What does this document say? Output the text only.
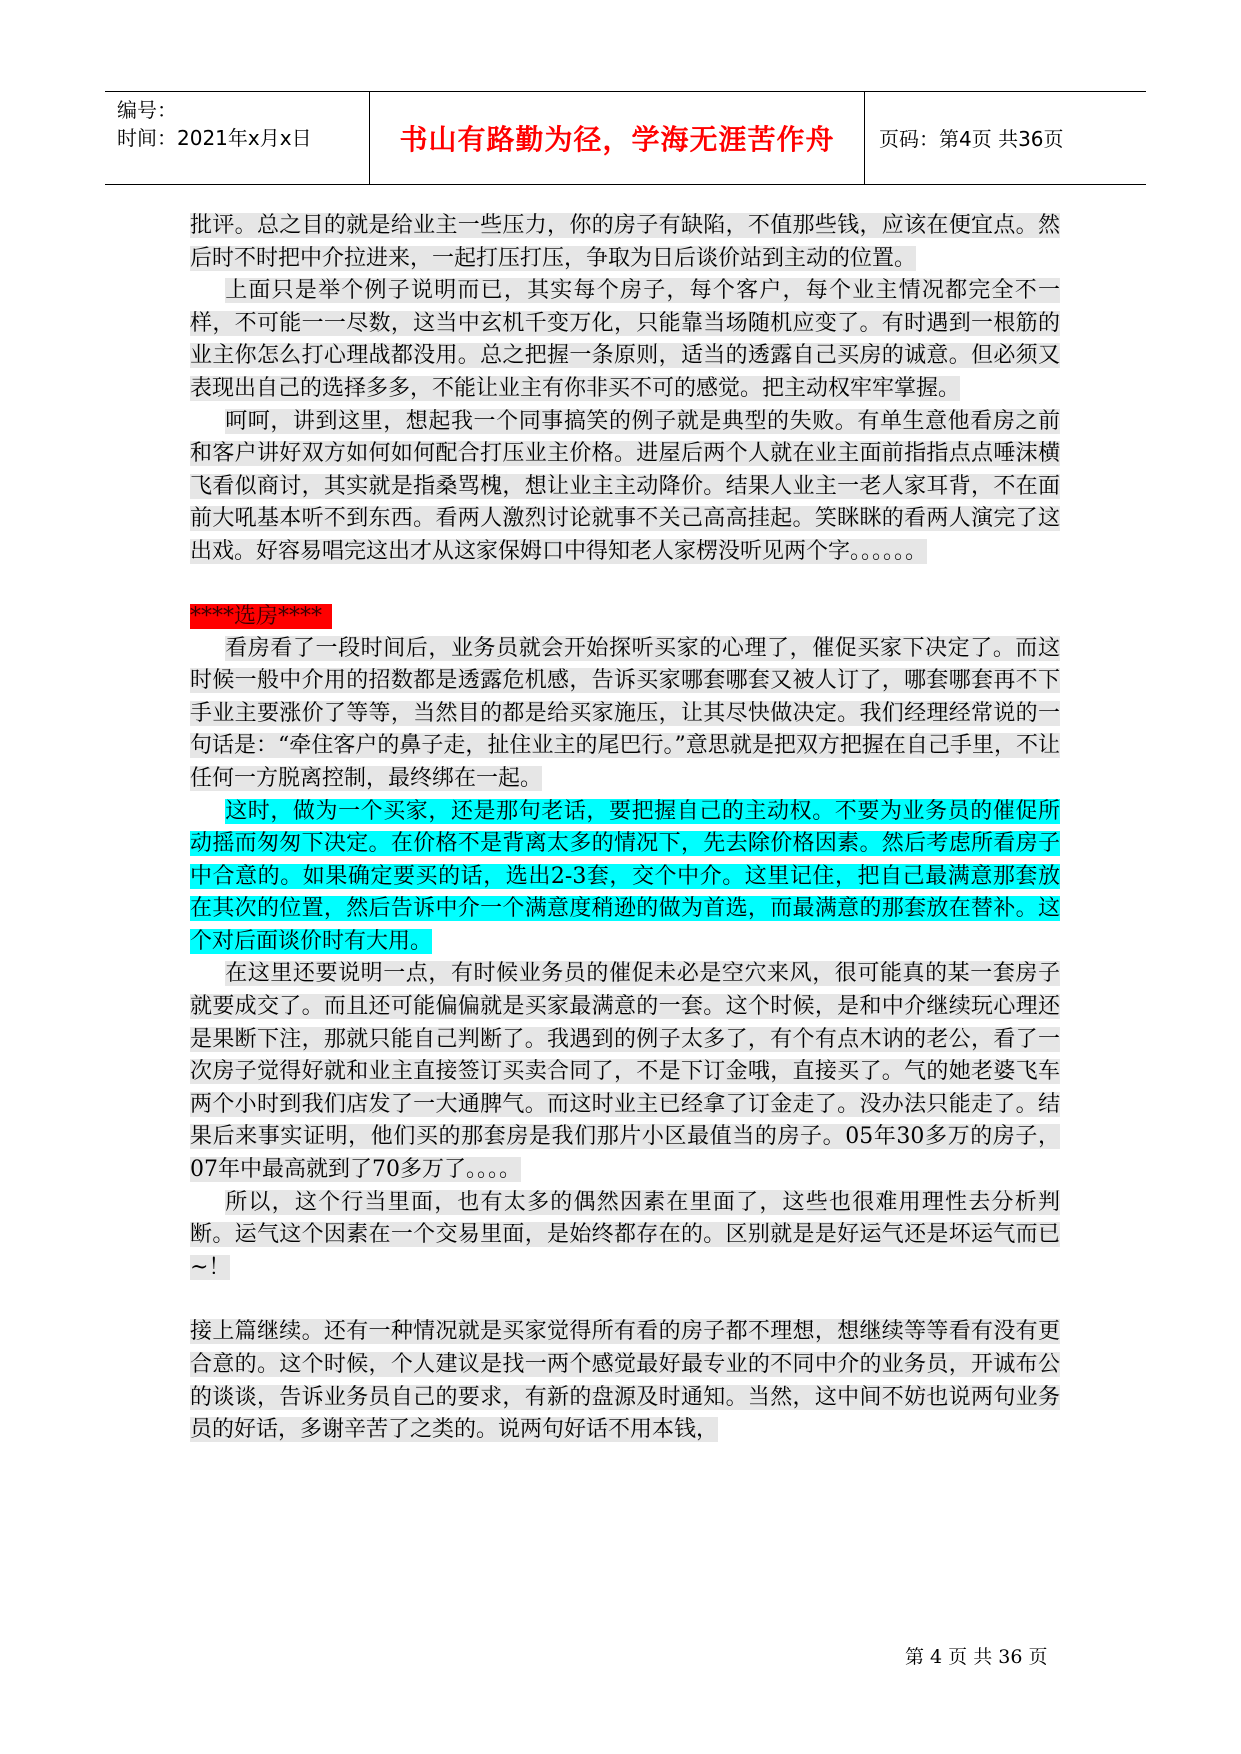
编号：
时间：2021年x月x日	书山有路勤为径，学海无涯苦作舟	页码：第4页 共36页

批评。总之目的就是给业主一些压力，你的房子有缺陷，不值那些钱，应该在便宜点。然后时不时把中介拉进来，一起打压打压，争取为日后谈价站到主动的位置。

上面只是举个例子说明而已，其实每个房子，每个客户，每个业主情况都完全不一样，不可能一一尽数，这当中玄机千变万化，只能靠当场随机应变了。有时遇到一根筋的业主你怎么打心理战都没用。总之把握一条原则，适当的透露自己买房的诚意。但必须又表现出自己的选择多多，不能让业主有你非买不可的感觉。把主动权牢牢掌握。

呵呵，讲到这里，想起我一个同事搞笑的例子就是典型的失败。有单生意他看房之前和客户讲好双方如何如何配合打压业主价格。进屋后两个人就在业主面前指指点点唾沫横飞看似商讨，其实就是指桑骂槐，想让业主主动降价。结果人业主一老人家耳背，不在面前大吼基本听不到东西。看两人激烈讨论就事不关己高高挂起。笑眯眯的看两人演完了这出戏。好容易唱完这出才从这家保姆口中得知老人家楞没听见两个字。。。。。。

****选房****

看房看了一段时间后，业务员就会开始探听买家的心理了，催促买家下决定了。而这时候一般中介用的招数都是透露危机感，告诉买家哪套哪套又被人订了，哪套哪套再不下手业主要涨价了等等，当然目的都是给买家施压，让其尽快做决定。我们经理经常说的一句话是：“牵住客户的鼻子走，扯住业主的尾巴行。”意思就是把双方把握在自己手里，不让任何一方脱离控制，最终绑在一起。

这时，做为一个买家，还是那句老话，要把握自己的主动权。不要为业务员的催促所动摇而匆匆下决定。在价格不是背离太多的情况下，先去除价格因素。然后考虑所看房子中合意的。如果确定要买的话，选出2-3套，交个中介。这里记住，把自己最满意那套放在其次的位置，然后告诉中介一个满意度稍逊的做为首选，而最满意的那套放在替补。这个对后面谈价时有大用。

在这里还要说明一点，有时候业务员的催促未必是空穴来风，很可能真的某一套房子就要成交了。而且还可能偏偏就是买家最满意的一套。这个时候，是和中介继续玩心理还是果断下注，那就只能自己判断了。我遇到的例子太多了，有个有点木讷的老公，看了一次房子觉得好就和业主直接签订买卖合同了，不是下订金哦，直接买了。气的她老婆飞车两个小时到我们店发了一大通脾气。而这时业主已经拿了订金走了。没办法只能走了。结果后来事实证明，他们买的那套房是我们那片小区最值当的房子。05年30多万的房子，07年中最高就到了70多万了。。。。

所以，这个行当里面，也有太多的偶然因素在里面了，这些也很难用理性去分析判断。运气这个因素在一个交易里面，是始终都存在的。区别就是是好运气还是坏运气而已~！

接上篇继续。还有一种情况就是买家觉得所有看的房子都不理想，想继续等等看有没有更合意的。这个时候，个人建议是找一两个感觉最好最专业的不同中介的业务员，开诚布公的谈谈，告诉业务员自己的要求，有新的盘源及时通知。当然，这中间不妨也说两句业务员的好话，多谢辛苦了之类的。说两句好话不用本钱，

第 4 页 共 36 页
